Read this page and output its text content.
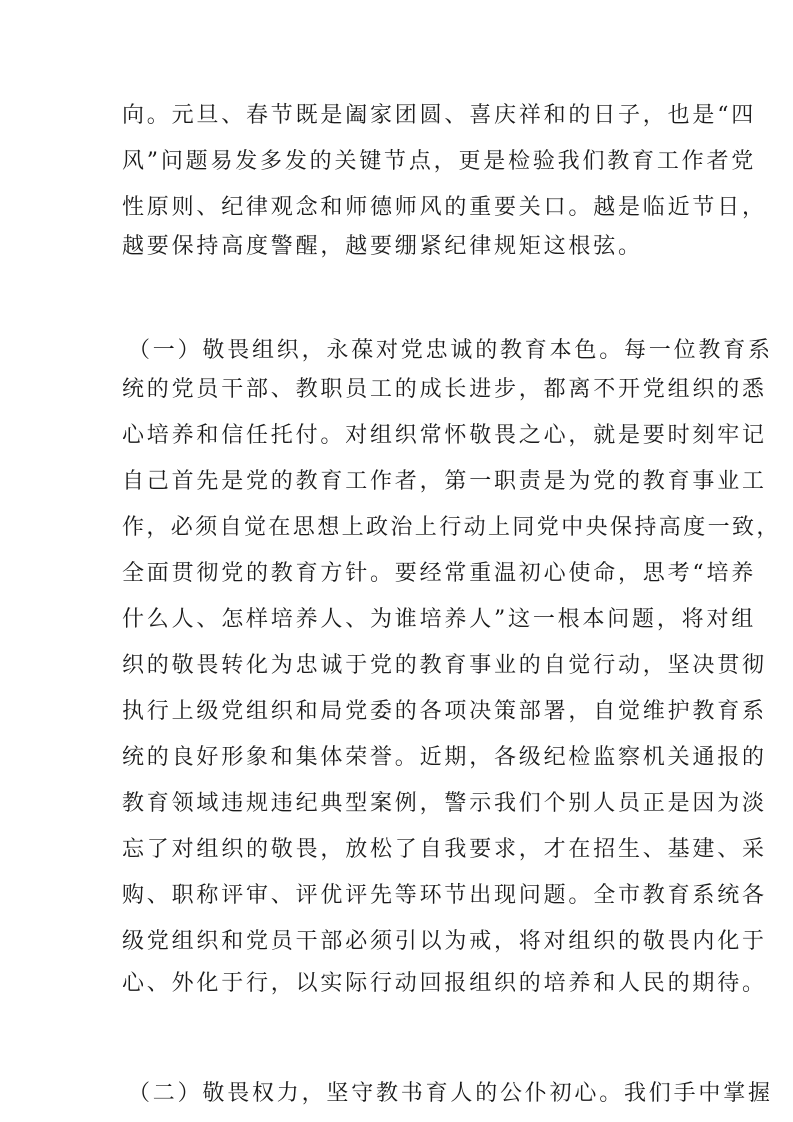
向。元旦、春节既是阖家团圆、喜庆祥和的日子，也是“四

风”问题易发多发的关键节点，更是检验我们教育工作者党

性原则、纪律观念和师德师风的重要关口。越是临近节日，

越要保持高度警醒，越要绷紧纪律规矩这根弦。

（一）敬畏组织，永葆对党忠诚的教育本色。每一位教育系

统的党员干部、教职员工的成长进步，都离不开党组织的悉

心培养和信任托付。对组织常怀敬畏之心，就是要时刻牢记

自己首先是党的教育工作者，第一职责是为党的教育事业工

作，必须自觉在思想上政治上行动上同党中央保持高度一致，

全面贯彻党的教育方针。要经常重温初心使命，思考“培养

什么人、怎样培养人、为谁培养人”这一根本问题，将对组

织的敬畏转化为忠诚于党的教育事业的自觉行动，坚决贯彻

执行上级党组织和局党委的各项决策部署，自觉维护教育系

统的良好形象和集体荣誉。近期，各级纪检监察机关通报的

教育领域违规违纪典型案例，警示我们个别人员正是因为淡

忘了对组织的敬畏，放松了自我要求，才在招生、基建、采

购、职称评审、评优评先等环节出现问题。全市教育系统各

级党组织和党员干部必须引以为戒，将对组织的敬畏内化于

心、外化于行，以实际行动回报组织的培养和人民的期待。

（二）敬畏权力，坚守教书育人的公仆初心。我们手中掌握
